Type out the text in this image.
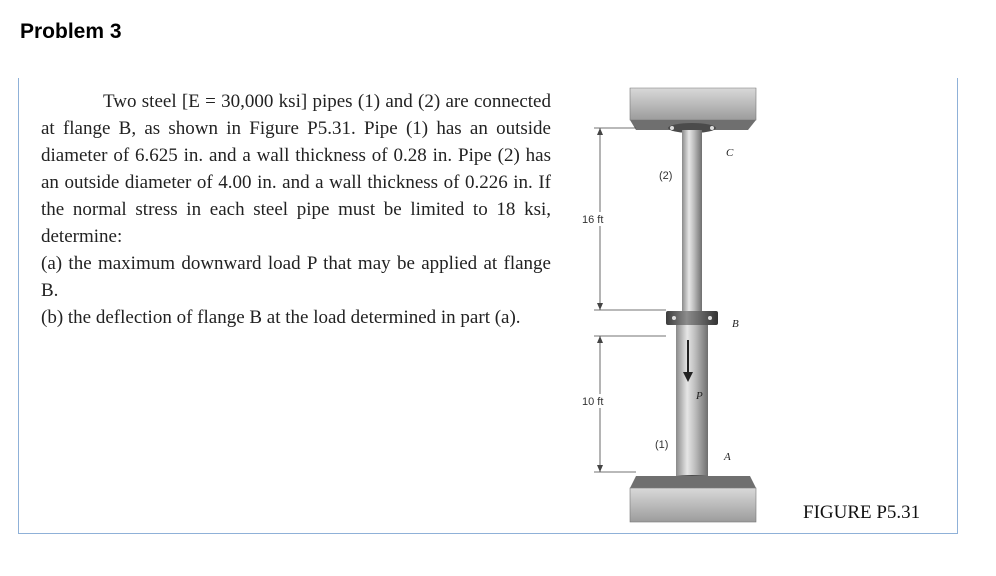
Problem 3

Two steel [E = 30,000 ksi] pipes (1) and (2) are connected at flange B, as shown in Figure P5.31. Pipe (1) has an outside diameter of 6.625 in. and a wall thickness of 0.28 in. Pipe (2) has an outside diameter of 4.00 in. and a wall thickness of 0.226 in. If the normal stress in each steel pipe must be limited to 18 ksi, determine:

(a) the maximum downward load P that may be applied at flange B.

(b) the deflection of flange B at the load determined in part (a).

16 ft
10 ft
(2)
(1)
C
B
A
P
FIGURE P5.31
